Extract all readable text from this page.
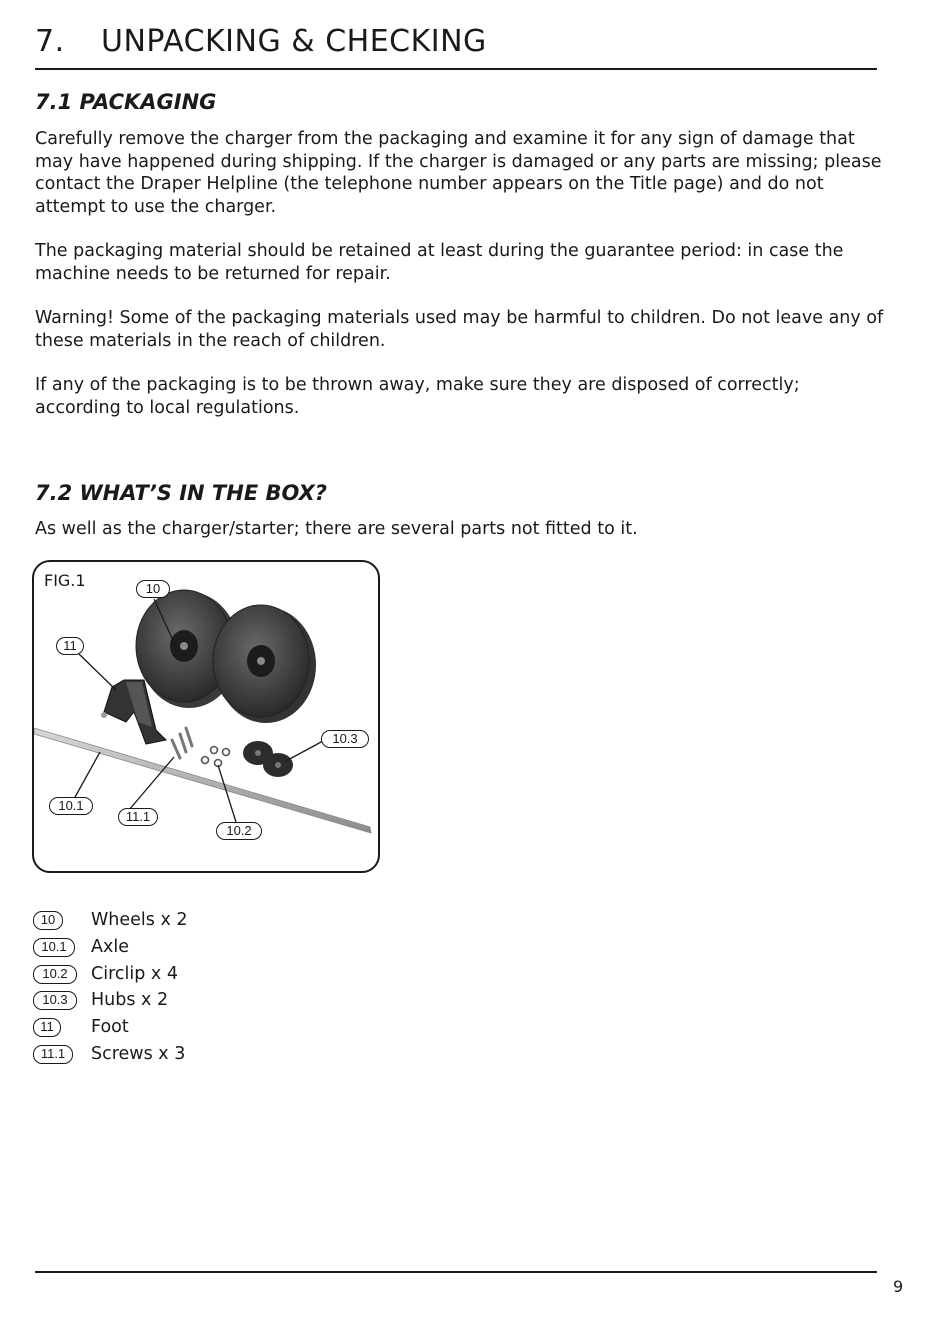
7. UNPACKING & CHECKING
7.1 PACKAGING

Carefully remove the charger from the packaging and examine it for any sign of damage that may have happened during shipping. If the charger is damaged or any parts are missing; please contact the Draper Helpline (the telephone number appears on the Title page) and do not attempt to use the charger.

The packaging material should be retained at least during the guarantee period: in case the machine needs to be returned for repair.

Warning! Some of the packaging materials used may be harmful to children. Do not leave any of these materials in the reach of children.

If any of the packaging is to be thrown away, make sure they are disposed of correctly; according to local regulations.

7.2 WHAT’S IN THE BOX?

As well as the charger/starter; there are several parts not fitted to it.

FIG.1	10
11
10.3
10.1
11.1
10.2
10	Wheels x 2
10.1	Axle
10.2	Circlip x 4
10.3	Hubs x 2
11	Foot
11.1	Screws x 3
9
